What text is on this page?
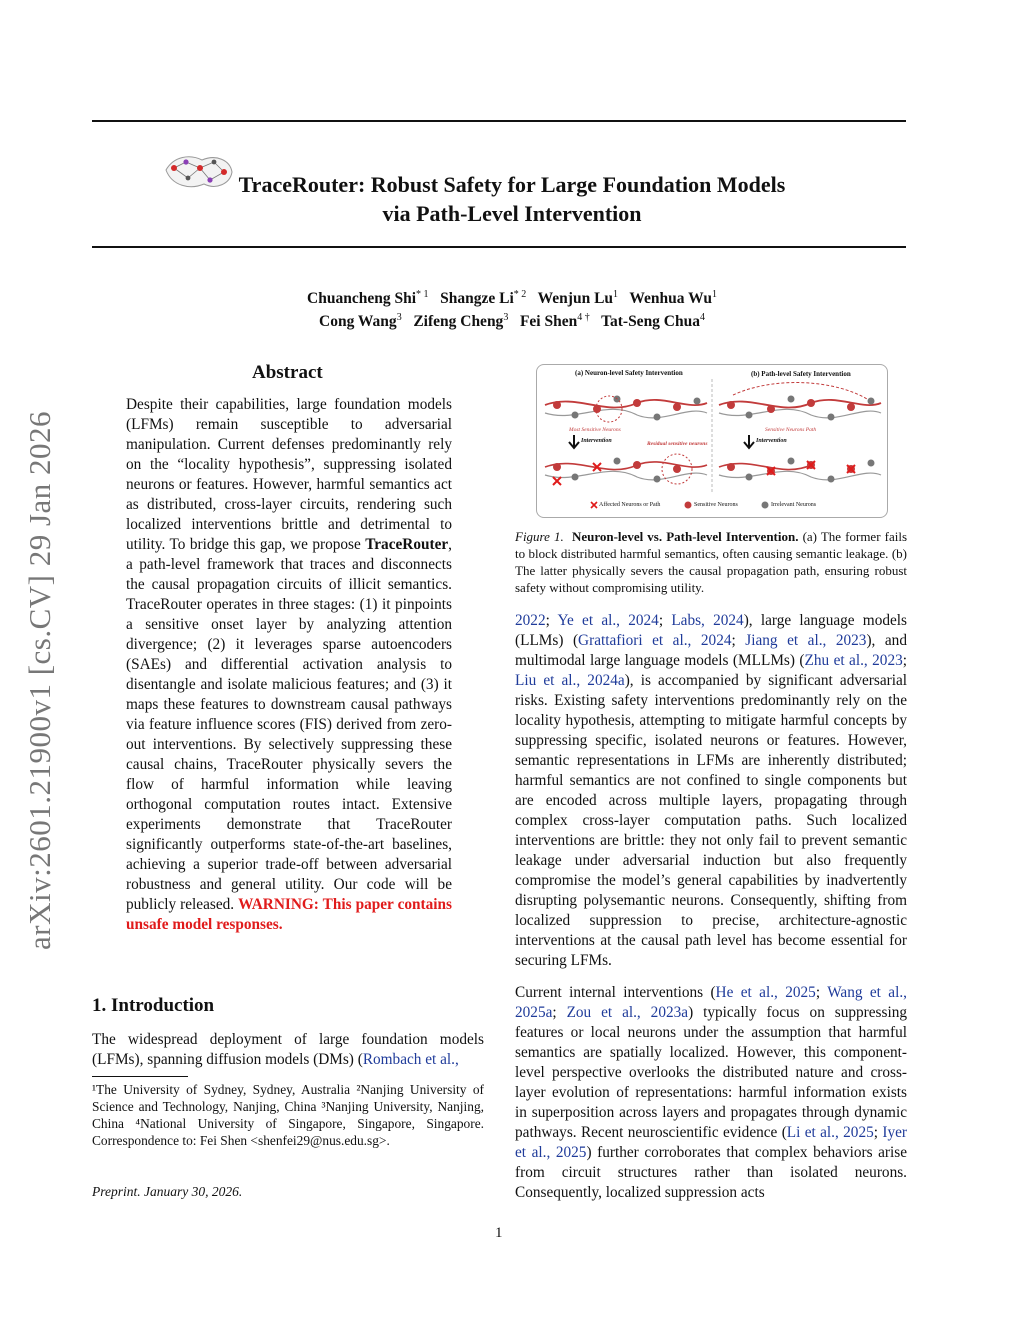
arXiv:2601.21900v1 [cs.CV] 29 Jan 2026
TraceRouter: Robust Safety for Large Foundation Models
via Path-Level Intervention
Chuancheng Shi$^{* 1}$ Shangze Li$^{* 2}$ Wenjun Lu$^1$ Wenhua Wu$^1$
Cong Wang$^3$ Zifeng Cheng$^3$ Fei Shen$^{4 \dagger}$ Tat-Seng Chua$^4$
Abstract

Despite their capabilities, large foundation models (LFMs) remain susceptible to adversarial manipulation. Current defenses predominantly rely on the “locality hypothesis”, suppressing isolated neurons or features. However, harmful semantics act as distributed, cross-layer circuits, rendering such localized interventions brittle and detrimental to utility. To bridge this gap, we propose TraceRouter, a path-level framework that traces and disconnects the causal propagation circuits of illicit semantics. TraceRouter operates in three stages: (1) it pinpoints a sensitive onset layer by analyzing attention divergence; (2) it leverages sparse autoencoders (SAEs) and differential activation analysis to disentangle and isolate malicious features; and (3) it maps these features to downstream causal pathways via feature influence scores (FIS) derived from zero-out interventions. By selectively suppressing these causal chains, TraceRouter physically severs the flow of harmful information while leaving orthogonal computation routes intact. Extensive experiments demonstrate that TraceRouter significantly outperforms state-of-the-art baselines, achieving a superior trade-off between adversarial robustness and general utility. Our code will be publicly released. WARNING: This paper contains unsafe model responses.

1. Introduction

The widespread deployment of large foundation models (LFMs), spanning diffusion models (DMs) (Rombach et al.,

¹The University of Sydney, Sydney, Australia ²Nanjing University of Science and Technology, Nanjing, China ³Nanjing University, Nanjing, China ⁴National University of Singapore, Singapore, Singapore. Correspondence to: Fei Shen <shenfei29@nus.edu.sg>.
Preprint. January 30, 2026.
(a) Neuron-level Safety Intervention	(b) Path-level Safety Intervention
Most Sensitive Neurons	Sensitive Neurons Path
Intervention	Intervention
Residual sensitive neurons
Affected Neurons or Path	Sensitive Neurons	Irrelevant Neurons
Figure 1. Neuron-level vs. Path-level Intervention. (a) The former fails to block distributed harmful semantics, often causing semantic leakage. (b) The latter physically severs the causal propagation path, ensuring robust safety without compromising utility.

2022; Ye et al., 2024; Labs, 2024), large language models (LLMs) (Grattafiori et al., 2024; Jiang et al., 2023), and multimodal large language models (MLLMs) (Zhu et al., 2023; Liu et al., 2024a), is accompanied by significant adversarial risks. Existing safety interventions predominantly rely on the locality hypothesis, attempting to mitigate harmful concepts by suppressing specific, isolated neurons or features. However, semantic representations in LFMs are inherently distributed; harmful semantics are not confined to single components but are encoded across multiple layers, propagating through complex cross-layer computation paths. Such localized interventions are brittle: they not only fail to prevent semantic leakage under adversarial induction but also frequently compromise the model’s general capabilities by inadvertently disrupting polysemantic neurons. Consequently, shifting from localized suppression to precise, architecture-agnostic interventions at the causal path level has become essential for securing LFMs.

Current internal interventions (He et al., 2025; Wang et al., 2025a; Zou et al., 2023a) typically focus on suppressing features or local neurons under the assumption that harmful semantics are spatially localized. However, this component-level perspective overlooks the distributed nature and cross-layer evolution of representations: harmful information exists in superposition across layers and propagates through dynamic pathways. Recent neuroscientific evidence (Li et al., 2025; Iyer et al., 2025) further corroborates that complex behaviors arise from circuit structures rather than isolated neurons. Consequently, localized suppression acts

1
